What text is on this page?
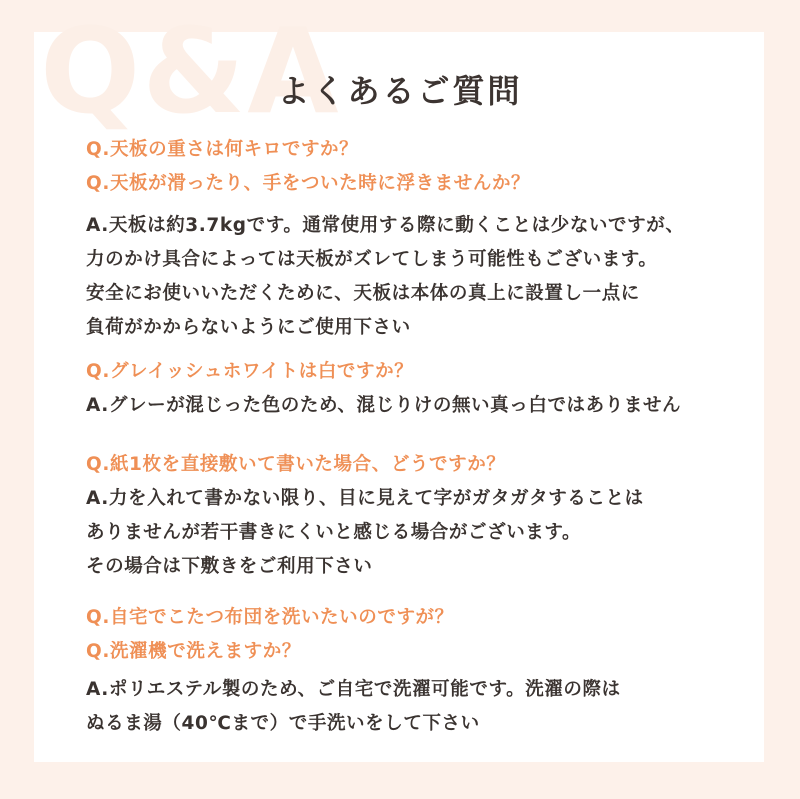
Q&A
よくあるご質問

Q.天板の重さは何キロですか？

Q.天板が滑ったり、手をついた時に浮きませんか？

A.天板は約3.7kgです。通常使用する際に動くことは少ないですが、

力のかけ具合によっては天板がズレてしまう可能性もございます。

安全にお使いいただくために、天板は本体の真上に設置し一点に

負荷がかからないようにご使用下さい

Q.グレイッシュホワイトは白ですか？

A.グレーが混じった色のため、混じりけの無い真っ白ではありません

Q.紙1枚を直接敷いて書いた場合、どうですか？

A.力を入れて書かない限り、目に見えて字がガタガタすることは

ありませんが若干書きにくいと感じる場合がございます。

その場合は下敷きをご利用下さい

Q.自宅でこたつ布団を洗いたいのですが？

Q.洗濯機で洗えますか？

A.ポリエステル製のため、ご自宅で洗濯可能です。洗濯の際は

ぬるま湯（40℃まで）で手洗いをして下さい
